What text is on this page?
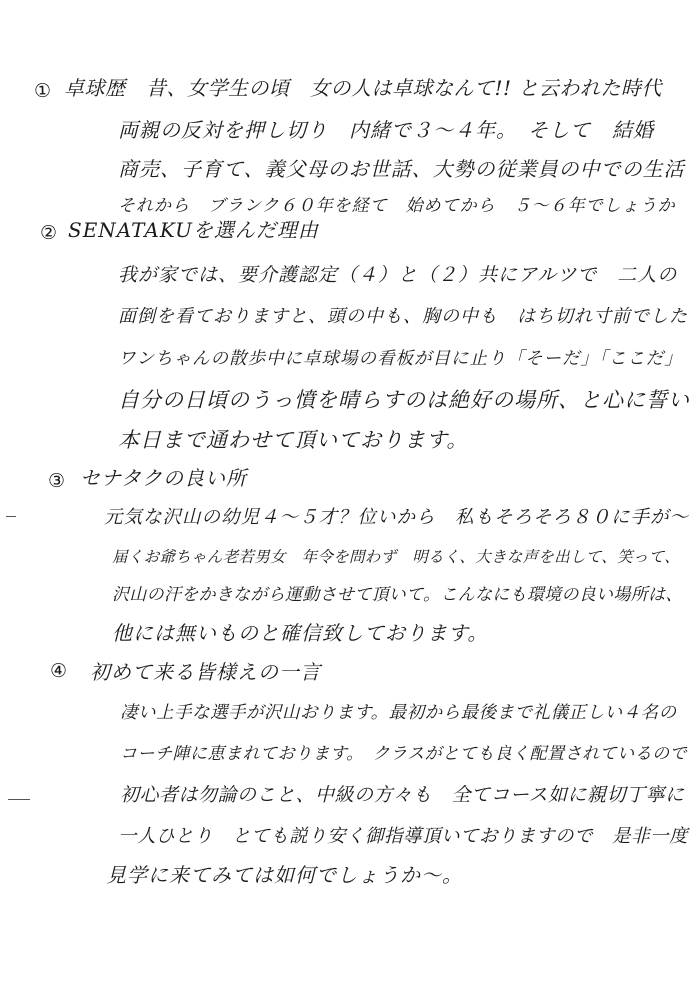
① 卓球歴　昔、女学生の頃　女の人は卓球なんて!! と云われた時代
両親の反対を押し切り　内緒で３〜４年。　そして　結婚
商売、子育て、義父母のお世話、大勢の従業員の中での生活
それから　ブランク６０年を経て　始めてから　５〜６年でしょうか
② SENATAKUを選んだ理由
我が家では、要介護認定（４）と（２）共にアルツで　二人の
面倒を看ておりますと、頭の中も、胸の中も　はち切れ寸前でした
ワンちゃんの散歩中に卓球場の看板が目に止り「そーだ」「ここだ」
自分の日頃のうっ憤を晴らすのは絶好の場所、と心に誓い
本日まで通わせて頂いております。
③ セナタクの良い所
元気な沢山の幼児４〜５才？位いから　私もそろそろ８０に手が〜
届くお爺ちゃん老若男女　年令を問わず　明るく、大きな声を出して、笑って、
沢山の汗をかきながら運動させて頂いて。こんなにも環境の良い場所は、
他には無いものと確信致しております。
④ 初めて来る皆様えの一言
凄い上手な選手が沢山おります。最初から最後まで礼儀正しい４名の
コーチ陣に恵まれております。　クラスがとても良く配置されているので
初心者は勿論のこと、中級の方々も　全てコース如に親切丁寧に
一人ひとり　とても説り安く御指導頂いておりますので　是非一度
見学に来てみては如何でしょうか〜。
